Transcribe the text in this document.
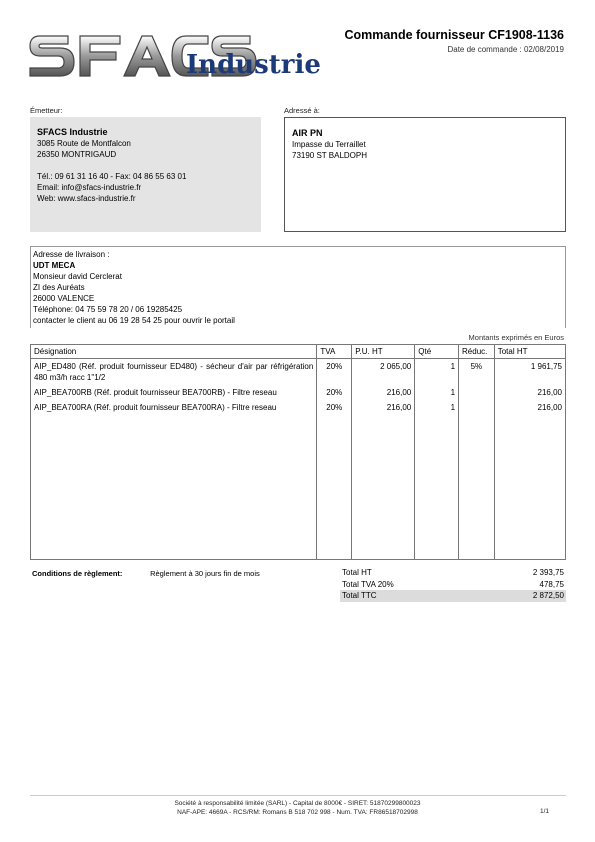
Industrie
Commande fournisseur CF1908-1136
Date de commande : 02/08/2019
Émetteur:	Adressé à:
SFACS Industrie
3085 Route de Montfalcon
26350 MONTRIGAUD
Tél.: 09 61 31 16 40 - Fax: 04 86 55 63 01
Email: info@sfacs-industrie.fr
Web: www.sfacs-industrie.fr
AIR PN
Impasse du Terraillet
73190 ST BALDOPH
Adresse de livraison :
UDT MECA
Monsieur david Cerclerat
ZI des Auréats
26000 VALENCE
Téléphone: 04 75 59 78 20 / 06 19285425
contacter le client au 06 19 28 54 25 pour ouvrir le portail
Montants exprimés en Euros
Désignation	TVA	P.U. HT	Qté	Réduc.	Total HT
AIP_ED480 (Réf. produit fournisseur ED480) - sécheur d'air par réfrigération 480 m3/h racc 1"1/2	20%	2 065,00	1	5%	1 961,75
AIP_BEA700RB (Réf. produit fournisseur BEA700RB) - Filtre reseau	20%	216,00	1		216,00
AIP_BEA700RA (Réf. produit fournisseur BEA700RA) - Filtre reseau	20%	216,00	1		216,00

Conditions de règlement:	Règlement à 30 jours fin de mois	Total HT	2 393,75
Total TVA 20%	478,75
Total TTC	2 872,50
Société à responsabilité limitée (SARL) - Capital de 8000€ - SIRET: 51870299800023
NAF-APE: 4669A - RCS/RM: Romans B 518 702 998 - Num. TVA: FR86518702998	1/1
